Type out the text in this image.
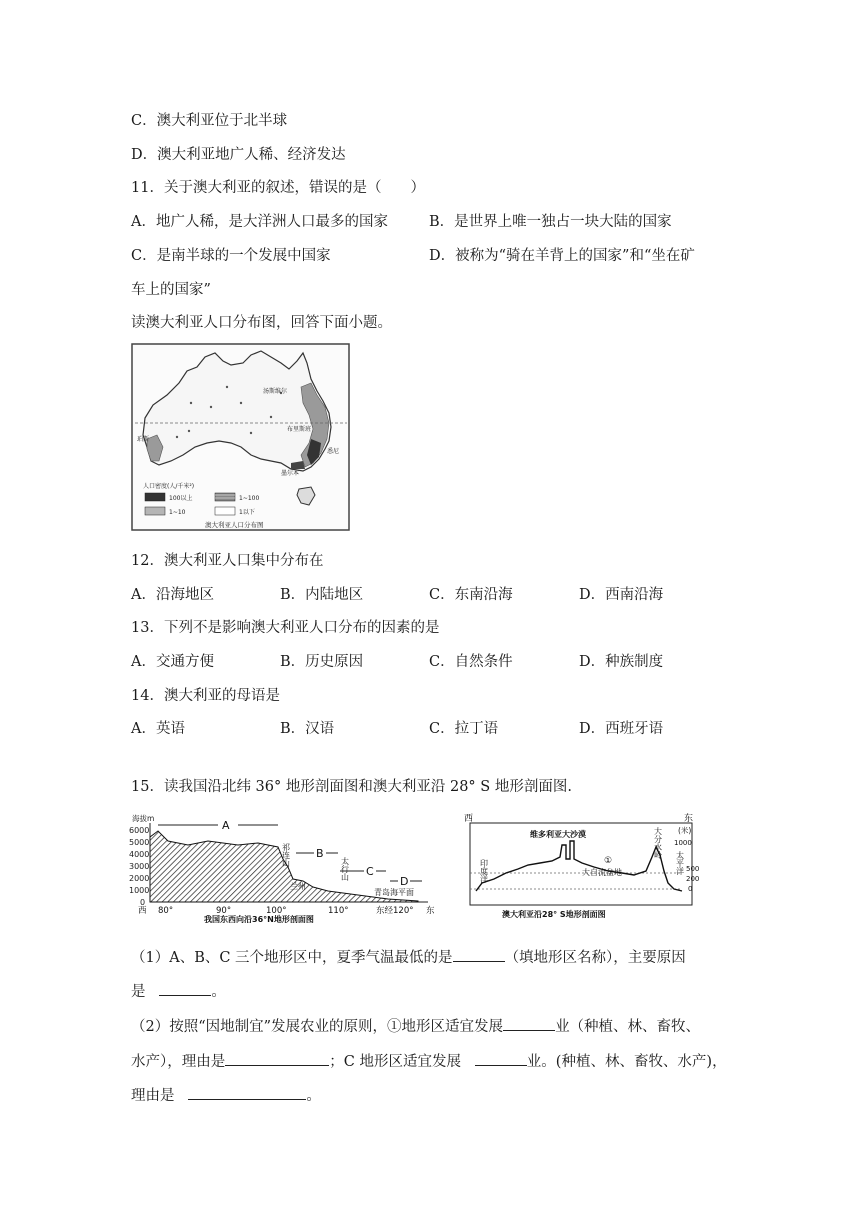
C．澳大利亚位于北半球
D．澳大利亚地广人稀、经济发达
11．关于澳大利亚的叙述，错误的是（　　）
A．地广人稀，是大洋洲人口最多的国家	B．是世界上唯一独占一块大陆的国家
C．是南半球的一个发展中国家	D．被称为“骑在羊背上的国家”和“坐在矿
车上的国家”
读澳大利亚人口分布图，回答下面小题。
汤斯维尔
布里斯班
珀斯
悉尼
墨尔本
人口密度(人/千米²)
100以上
1~10
1~100
1以下
澳大利亚人口分布图
12．澳大利亚人口集中分布在
A．沿海地区	B．内陆地区	C．东南沿海	D．西南沿海
13．下列不是影响澳大利亚人口分布的因素的是
A．交通方便	B．历史原因	C．自然条件	D．种族制度
14．澳大利亚的母语是
A．英语	B．汉语	C．拉丁语	D．西班牙语
15．读我国沿北纬 36° 地形剖面图和澳大利亚沿 28° S 地形剖面图.
海拔m
6000
5000
4000
3000
2000
1000
0
A
B
C
D
祁连山
太行山
兰州
青岛海平面
西 80°	90°	100°	110°	东经120° 东
我国东西向沿36°N地形剖面图
西	东
(米)
1000
500
200
0
维多利亚大沙漠
①
大自流盆地
印度洋
大分水岭
太平洋
澳大利亚沿28° S地形剖面图
（1）A、B、C 三个地形区中，夏季气温最低的是	（填地形区名称），主要原因
是	。
（2）按照“因地制宜”发展农业的原则，①地形区适宜发展	业（种植、林、畜牧、
水产），理由是	；C 地形区适宜发展	业。(种植、林、畜牧、水产)，
理由是	。
